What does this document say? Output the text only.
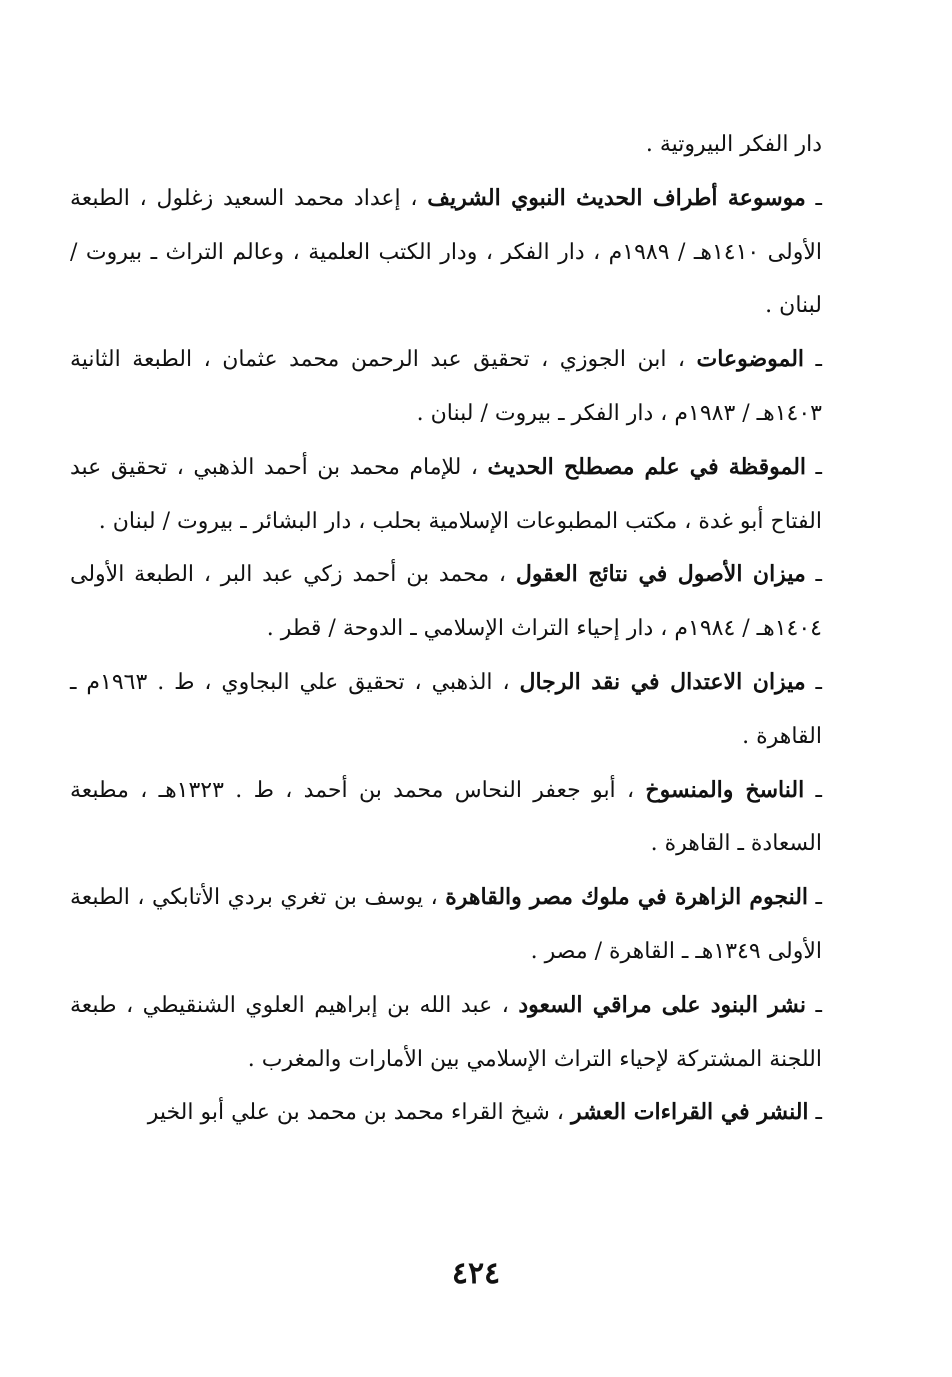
دار الفكر البيروتية .

ـ موسوعة أطراف الحديث النبوي الشريف ، إعداد محمد السعيد زغلول ، الطبعة الأولى ١٤١٠هـ / ١٩٨٩م ، دار الفكر ، ودار الكتب العلمية ، وعالم التراث ـ بيروت / لبنان .

ـ الموضوعات ، ابن الجوزي ، تحقيق عبد الرحمن محمد عثمان ، الطبعة الثانية ١٤٠٣هـ / ١٩٨٣م ، دار الفكر ـ بيروت / لبنان .

ـ الموقظة في علم مصطلح الحديث ، للإمام محمد بن أحمد الذهبي ، تحقيق عبد الفتاح أبو غدة ، مكتب المطبوعات الإسلامية بحلب ، دار البشائر ـ بيروت / لبنان .

ـ ميزان الأصول في نتائج العقول ، محمد بن أحمد زكي عبد البر ، الطبعة الأولى ١٤٠٤هـ / ١٩٨٤م ، دار إحياء التراث الإسلامي ـ الدوحة / قطر .

ـ ميزان الاعتدال في نقد الرجال ، الذهبي ، تحقيق علي البجاوي ، ط . ١٩٦٣م ـ القاهرة .

ـ الناسخ والمنسوخ ، أبو جعفر النحاس محمد بن أحمد ، ط . ١٣٢٣هـ ، مطبعة السعادة ـ القاهرة .

ـ النجوم الزاهرة في ملوك مصر والقاهرة ، يوسف بن تغري بردي الأتابكي ، الطبعة الأولى ١٣٤٩هـ ـ القاهرة / مصر .

ـ نشر البنود على مراقي السعود ، عبد الله بن إبراهيم العلوي الشنقيطي ، طبعة اللجنة المشتركة لإحياء التراث الإسلامي بين الأمارات والمغرب .

ـ النشر في القراءات العشر ، شيخ القراء محمد بن محمد بن علي أبو الخير

٤٢٤
